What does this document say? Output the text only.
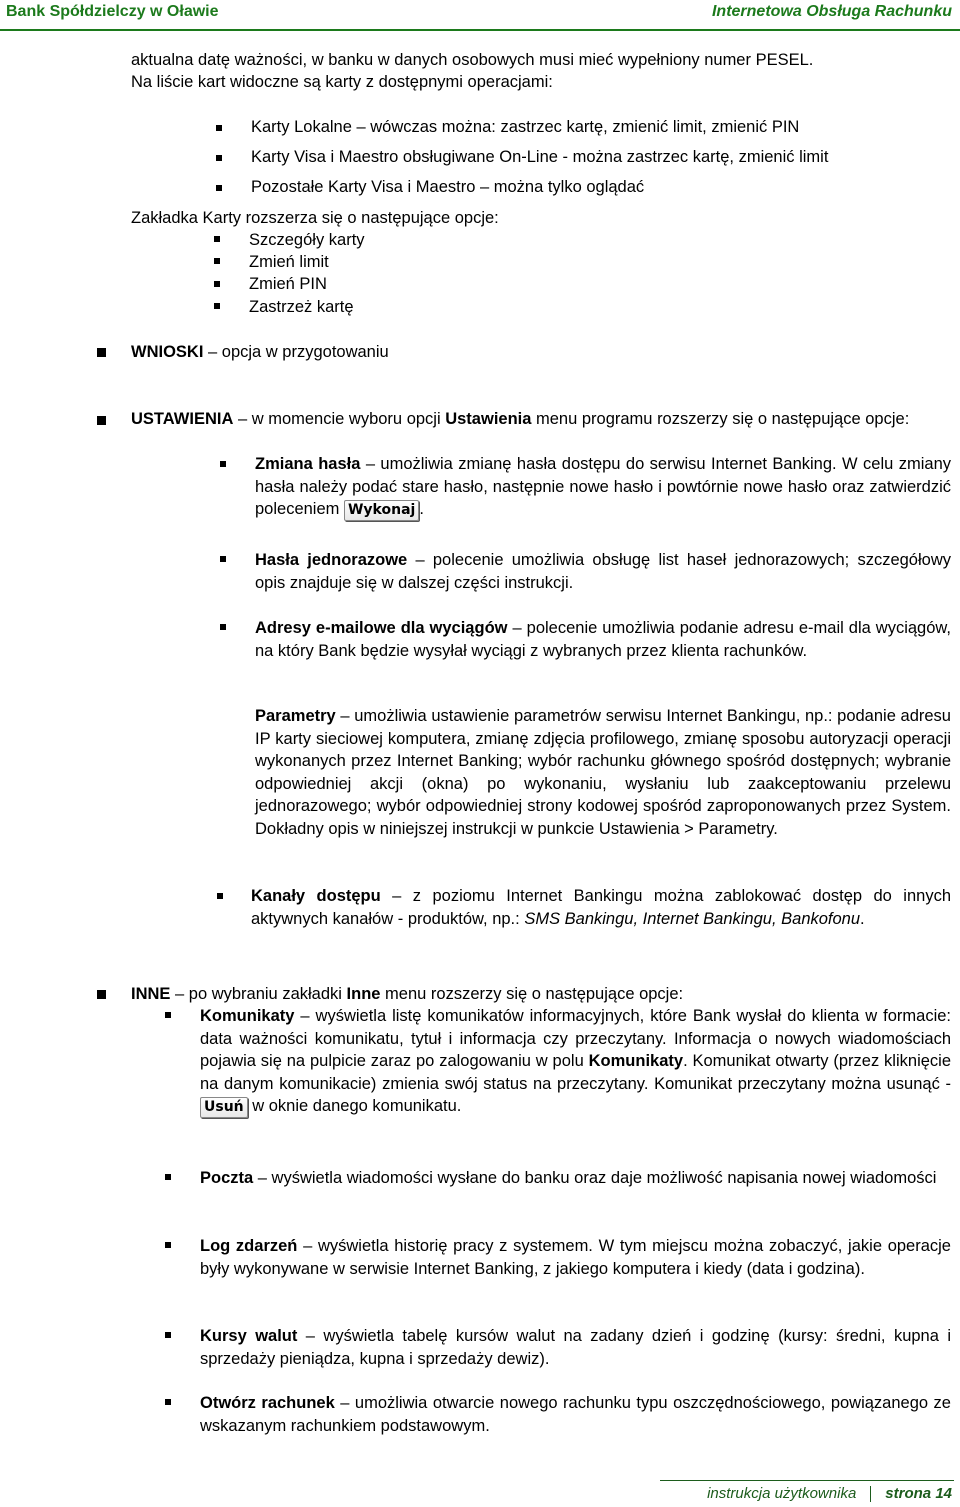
Bank Spółdzielczy w Oławie	Internetowa Obsługa Rachunku
aktualna datę ważności, w banku w danych osobowych musi mieć wypełniony numer PESEL.
Na liście kart widoczne są karty z dostępnymi operacjami:
Karty Lokalne – wówczas można: zastrzec kartę, zmienić limit, zmienić PIN
Karty Visa i Maestro obsługiwane On-Line - można zastrzec kartę, zmienić limit
Pozostałe Karty Visa i Maestro – można tylko oglądać
Zakładka Karty rozszerza się o następujące opcje:
Szczegóły karty
Zmień limit
Zmień PIN
Zastrzeż kartę
WNIOSKI – opcja w przygotowaniu
USTAWIENIA – w momencie wyboru opcji Ustawienia menu programu rozszerzy się o następujące opcje:
Zmiana hasła – umożliwia zmianę hasła dostępu do serwisu Internet Banking. W celu zmiany hasła należy podać stare hasło, następnie nowe hasło i powtórnie nowe hasło oraz zatwierdzić poleceniem Wykonaj .
Hasła jednorazowe – polecenie umożliwia obsługę list haseł jednorazowych; szczegółowy opis znajduje się w dalszej części instrukcji.
Adresy e-mailowe dla wyciągów – polecenie umożliwia podanie adresu e-mail dla wyciągów, na który Bank będzie wysyłał wyciągi z wybranych przez klienta rachunków.
Parametry – umożliwia ustawienie parametrów serwisu Internet Bankingu, np.: podanie adresu IP karty sieciowej komputera, zmianę zdjęcia profilowego, zmianę sposobu autoryzacji operacji wykonanych przez Internet Banking; wybór rachunku głównego spośród dostępnych; wybranie odpowiedniej akcji (okna) po wykonaniu, wysłaniu lub zaakceptowaniu przelewu jednorazowego; wybór odpowiedniej strony kodowej spośród zaproponowanych przez System. Dokładny opis w niniejszej instrukcji w punkcie Ustawienia > Parametry.
Kanały dostępu – z poziomu Internet Bankingu można zablokować dostęp do innych aktywnych kanałów - produktów, np.: SMS Bankingu, Internet Bankingu, Bankofonu.
INNE – po wybraniu zakładki Inne menu rozszerzy się o następujące opcje:
Komunikaty – wyświetla listę komunikatów informacyjnych, które Bank wysłał do klienta w formacie: data ważności komunikatu, tytuł i informacja czy przeczytany. Informacja o nowych wiadomościach pojawia się na pulpicie zaraz po zalogowaniu w polu Komunikaty. Komunikat otwarty (przez kliknięcie na danym komunikacie) zmienia swój status na przeczytany. Komunikat przeczytany można usunąć - Usuń w oknie danego komunikatu.
Poczta – wyświetla wiadomości wysłane do banku oraz daje możliwość napisania nowej wiadomości
Log zdarzeń – wyświetla historię pracy z systemem. W tym miejscu można zobaczyć, jakie operacje były wykonywane w serwisie Internet Banking, z jakiego komputera i kiedy (data i godzina).
Kursy walut – wyświetla tabelę kursów walut na zadany dzień i godzinę (kursy: średni, kupna i sprzedaży pieniądza, kupna i sprzedaży dewiz).
Otwórz rachunek – umożliwia otwarcie nowego rachunku typu oszczędnościowego, powiązanego ze wskazanym rachunkiem podstawowym.
instrukcja użytkownika strona 14
